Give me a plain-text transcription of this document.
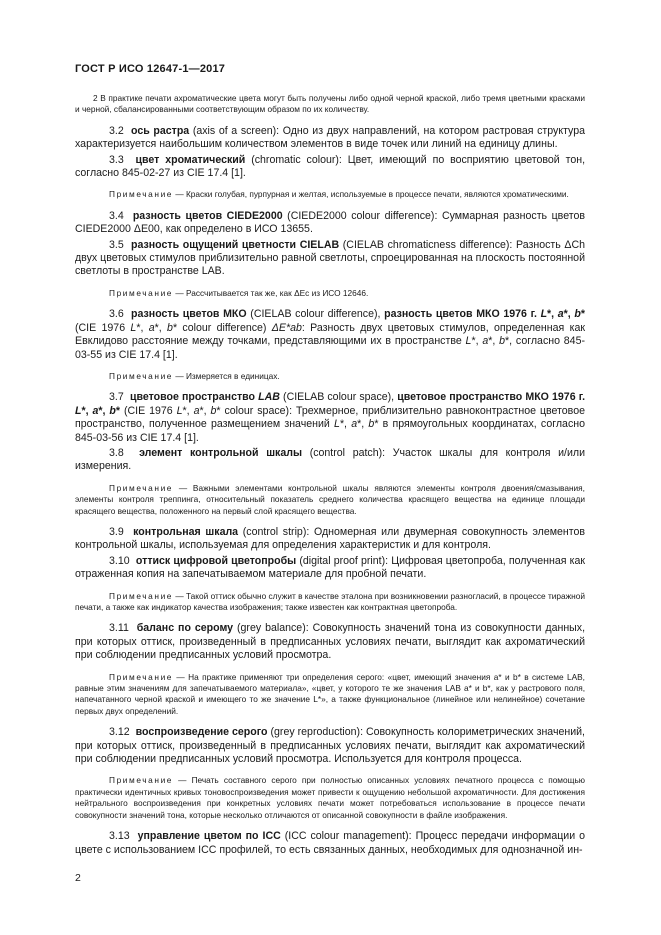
ГОСТ Р ИСО 12647-1—2017

2 В практике печати ахроматические цвета могут быть получены либо одной черной краской, либо тремя цветными красками и черной, сбалансированными соответствующим образом по их количеству.

3.2 ось растра (axis of a screen): Одно из двух направлений, на котором растровая структура характеризуется наибольшим количеством элементов в виде точек или линий на единицу длины.

3.3 цвет хроматический (chromatic colour): Цвет, имеющий по восприятию цветовой тон, согласно 845-02-27 из CIE 17.4 [1].

Примечание — Краски голубая, пурпурная и желтая, используемые в процессе печати, являются хроматическими.

3.4 разность цветов CIEDE2000 (CIEDE2000 colour difference): Суммарная разность цветов CIEDE2000 ΔE00, как определено в ИСО 13655.

3.5 разность ощущений цветности CIELAB (CIELAB chromaticness difference): Разность ΔCh двух цветовых стимулов приблизительно равной светлоты, спроецированная на плоскость постоянной светлоты в пространстве LAB.

Примечание — Рассчитывается так же, как ΔEc из ИСО 12646.

3.6 разность цветов МКО (CIELAB colour difference), разность цветов МКО 1976 г. L*, a*, b* (CIE 1976 L*, a*, b* colour difference) ΔE*ab: Разность двух цветовых стимулов, определенная как Евклидово расстояние между точками, представляющими их в пространстве L*, a*, b*, согласно 845-03-55 из CIE 17.4 [1].

Примечание — Измеряется в единицах.

3.7 цветовое пространство LAB (CIELAB colour space), цветовое пространство МКО 1976 г. L*, a*, b* (CIE 1976 L*, a*, b* colour space): Трехмерное, приблизительно равноконтрастное цветовое пространство, полученное размещением значений L*, a*, b* в прямоугольных координатах, согласно 845-03-56 из CIE 17.4 [1].

3.8 элемент контрольной шкалы (control patch): Участок шкалы для контроля и/или измерения.

Примечание — Важными элементами контрольной шкалы являются элементы контроля двоения/смазывания, элементы контроля треппинга, относительный показатель среднего количества красящего вещества на единице площади красящего вещества, положенного на первый слой красящего вещества.

3.9 контрольная шкала (control strip): Одномерная или двумерная совокупность элементов контрольной шкалы, используемая для определения характеристик и для контроля.

3.10 оттиск цифровой цветопробы (digital proof print): Цифровая цветопроба, полученная как отраженная копия на запечатываемом материале для пробной печати.

Примечание — Такой оттиск обычно служит в качестве эталона при возникновении разногласий, в процессе тиражной печати, а также как индикатор качества изображения; также известен как контрактная цветопроба.

3.11 баланс по серому (grey balance): Совокупность значений тона из совокупности данных, при которых оттиск, произведенный в предписанных условиях печати, выглядит как ахроматический при соблюдении предписанных условий просмотра.

Примечание — На практике применяют три определения серого: «цвет, имеющий значения a* и b* в системе LAB, равные этим значениям для запечатываемого материала», «цвет, у которого те же значения LAB a* и b*, как у растрового поля, напечатанного черной краской и имеющего то же значение L*», а также функциональное (линейное или нелинейное) сочетание первых двух определений.

3.12 воспроизведение серого (grey reproduction): Совокупность колориметрических значений, при которых оттиск, произведенный в предписанных условиях печати, выглядит как ахроматический при соблюдении предписанных условий просмотра. Используется для контроля процесса.

Примечание — Печать составного серого при полностью описанных условиях печатного процесса с помощью практически идентичных кривых тоновоспроизведения может привести к ощущению небольшой ахроматичности. Для достижения нейтрального воспроизведения при конкретных условиях печати может потребоваться использование в процессе печати совокупности значений тона, которые несколько отличаются от описанной совокупности в файле изображения.

3.13 управление цветом по ICC (ICC colour management): Процесс передачи информации о цвете с использованием ICC профилей, то есть связанных данных, необходимых для однозначной ин-

2
